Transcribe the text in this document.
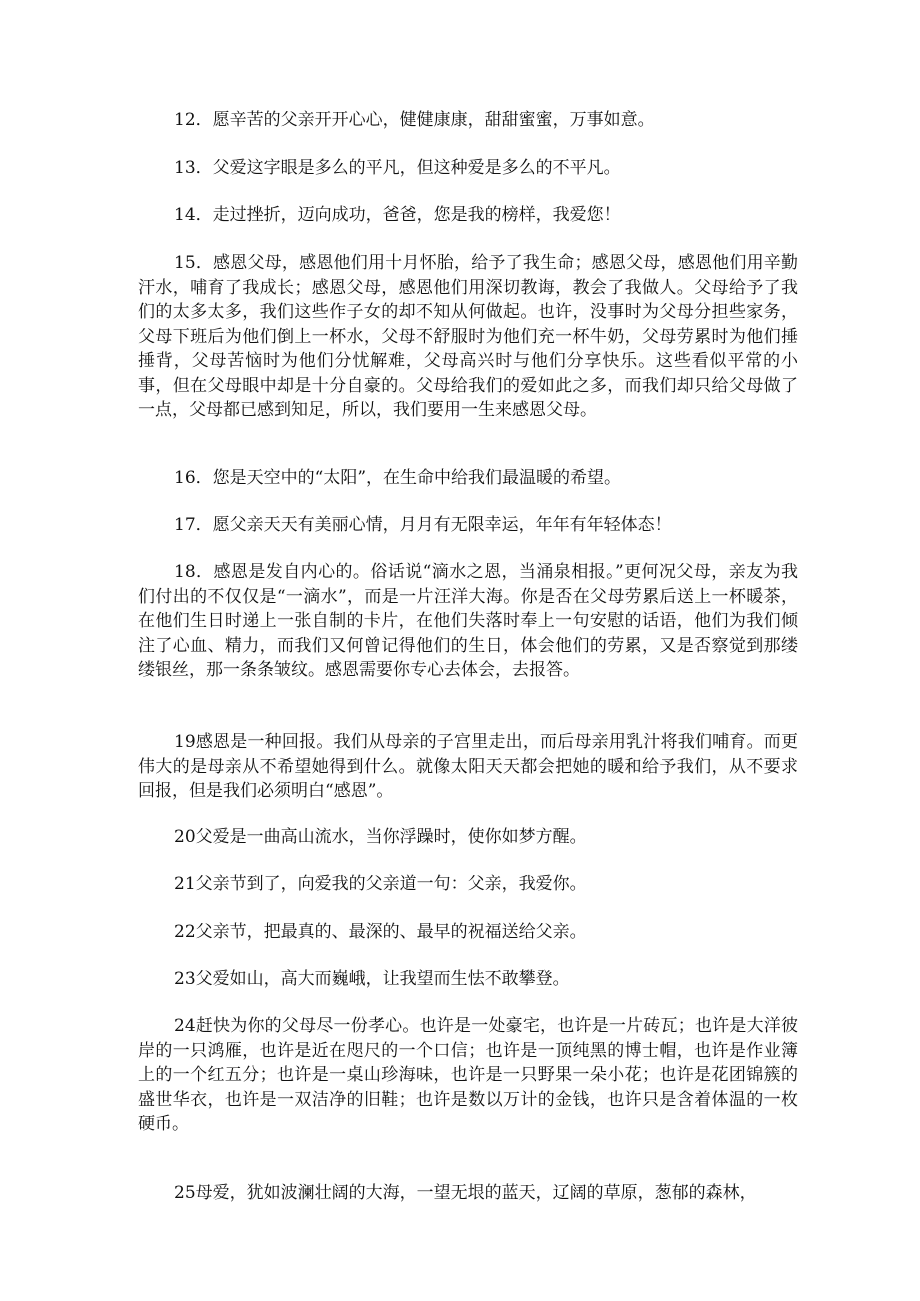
12．愿辛苦的父亲开开心心，健健康康，甜甜蜜蜜，万事如意。

13．父爱这字眼是多么的平凡，但这种爱是多么的不平凡。

14．走过挫折，迈向成功，爸爸，您是我的榜样，我爱您！

15．感恩父母，感恩他们用十月怀胎，给予了我生命；感恩父母，感恩他们用辛勤汗水，哺育了我成长；感恩父母，感恩他们用深切教诲，教会了我做人。父母给予了我们的太多太多，我们这些作子女的却不知从何做起。也许，没事时为父母分担些家务，父母下班后为他们倒上一杯水，父母不舒服时为他们充一杯牛奶，父母劳累时为他们捶捶背，父母苦恼时为他们分忧解难，父母高兴时与他们分享快乐。这些看似平常的小事，但在父母眼中却是十分自豪的。父母给我们的爱如此之多，而我们却只给父母做了一点，父母都已感到知足，所以，我们要用一生来感恩父母。

16．您是天空中的“太阳”，在生命中给我们最温暖的希望。

17．愿父亲天天有美丽心情，月月有无限幸运，年年有年轻体态！

18．感恩是发自内心的。俗话说“滴水之恩，当涌泉相报。”更何况父母，亲友为我们付出的不仅仅是“一滴水”，而是一片汪洋大海。你是否在父母劳累后送上一杯暖茶，在他们生日时递上一张自制的卡片，在他们失落时奉上一句安慰的话语，他们为我们倾注了心血、精力，而我们又何曾记得他们的生日，体会他们的劳累，又是否察觉到那缕缕银丝，那一条条皱纹。感恩需要你专心去体会，去报答。

19感恩是一种回报。我们从母亲的子宫里走出，而后母亲用乳汁将我们哺育。而更伟大的是母亲从不希望她得到什么。就像太阳天天都会把她的暖和给予我们，从不要求回报，但是我们必须明白“感恩”。

20父爱是一曲高山流水，当你浮躁时，使你如梦方醒。

21父亲节到了，向爱我的父亲道一句：父亲，我爱你。

22父亲节，把最真的、最深的、最早的祝福送给父亲。

23父爱如山，高大而巍峨，让我望而生怯不敢攀登。

24赶快为你的父母尽一份孝心。也许是一处豪宅，也许是一片砖瓦；也许是大洋彼岸的一只鸿雁，也许是近在咫尺的一个口信；也许是一顶纯黑的博士帽，也许是作业簿上的一个红五分；也许是一桌山珍海味，也许是一只野果一朵小花；也许是花团锦簇的盛世华衣，也许是一双洁净的旧鞋；也许是数以万计的金钱，也许只是含着体温的一枚硬币。

25母爱，犹如波澜壮阔的大海，一望无垠的蓝天，辽阔的草原，葱郁的森林，
